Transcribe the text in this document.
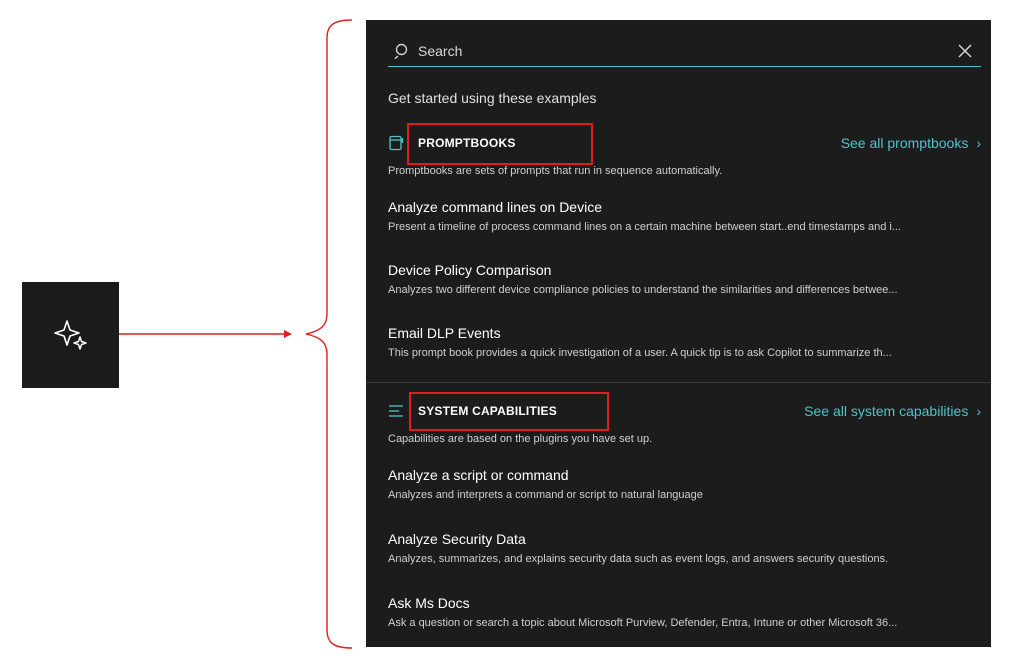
Search
Get started using these examples
PROMPTBOOKS	See all promptbooks ›
Promptbooks are sets of prompts that run in sequence automatically.
Analyze command lines on Device
Present a timeline of process command lines on a certain machine between start..end timestamps and i...
Device Policy Comparison
Analyzes two different device compliance policies to understand the similarities and differences betwee...
Email DLP Events
This prompt book provides a quick investigation of a user. A quick tip is to ask Copilot to summarize th...
SYSTEM CAPABILITIES	See all system capabilities ›
Capabilities are based on the plugins you have set up.
Analyze a script or command
Analyzes and interprets a command or script to natural language
Analyze Security Data
Analyzes, summarizes, and explains security data such as event logs, and answers security questions.
Ask Ms Docs
Ask a question or search a topic about Microsoft Purview, Defender, Entra, Intune or other Microsoft 36...
